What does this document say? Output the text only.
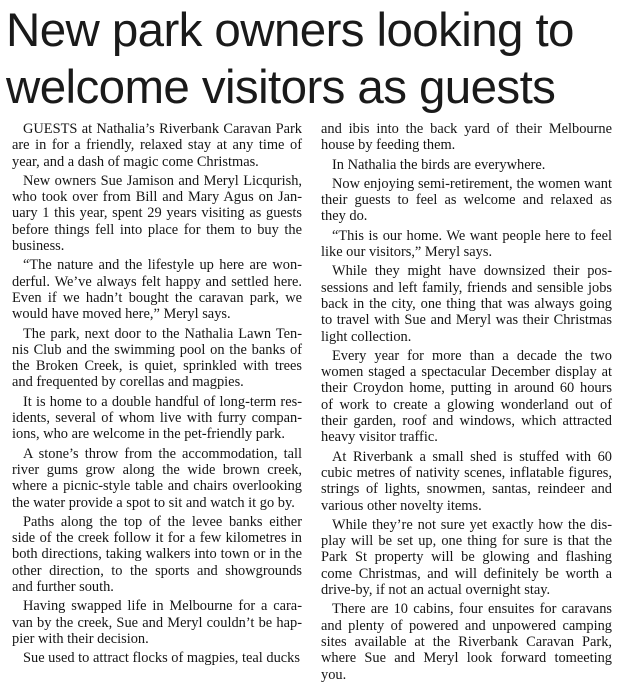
New park owners looking to
welcome visitors as guests

GUESTS at Nathalia’s Riverbank Caravan Park are in for a friendly, relaxed stay at any time of year, and a dash of magic come Christmas.

New owners Sue Jamison and Meryl Licqurish, who took over from Bill and Mary Agus on January 1 this year, spent 29 years visiting as guests before things fell into place for them to buy the business.

“The nature and the lifestyle up here are wonderful. We’ve always felt happy and settled here. Even if we hadn’t bought the caravan park, we would have moved here,” Meryl says.

The park, next door to the Nathalia Lawn Tennis Club and the swimming pool on the banks of the Broken Creek, is quiet, sprinkled with trees and frequented by corellas and magpies.

It is home to a double handful of long-term residents, several of whom live with furry companions, who are welcome in the pet-friendly park.

A stone’s throw from the accommodation, tall river gums grow along the wide brown creek, where a picnic-style table and chairs overlooking the water provide a spot to sit and watch it go by.

Paths along the top of the levee banks either side of the creek follow it for a few kilometres in both directions, taking walkers into town or in the other direction, to the sports and showgrounds and further south.

Having swapped life in Melbourne for a caravan by the creek, Sue and Meryl couldn’t be happier with their decision.

Sue used to attract flocks of magpies, teal ducks

and ibis into the back yard of their Melbourne house by feeding them.

In Nathalia the birds are everywhere.

Now enjoying semi-retirement, the women want their guests to feel as welcome and relaxed as they do.

“This is our home. We want people here to feel like our visitors,” Meryl says.

While they might have downsized their possessions and left family, friends and sensible jobs back in the city, one thing that was always going to travel with Sue and Meryl was their Christmas light collection.

Every year for more than a decade the two women staged a spectacular December display at their Croydon home, putting in around 60 hours of work to create a glowing wonderland out of their garden, roof and windows, which attracted heavy visitor traffic.

At Riverbank a small shed is stuffed with 60 cubic metres of nativity scenes, inflatable figures, strings of lights, snowmen, santas, reindeer and various other novelty items.

While they’re not sure yet exactly how the display will be set up, one thing for sure is that the Park St property will be glowing and flashing come Christmas, and will definitely be worth a drive-by, if not an actual overnight stay.

There are 10 cabins, four ensuites for caravans and plenty of powered and unpowered camping sites available at the Riverbank Caravan Park, where Sue and Meryl look forward tomeeting you.
